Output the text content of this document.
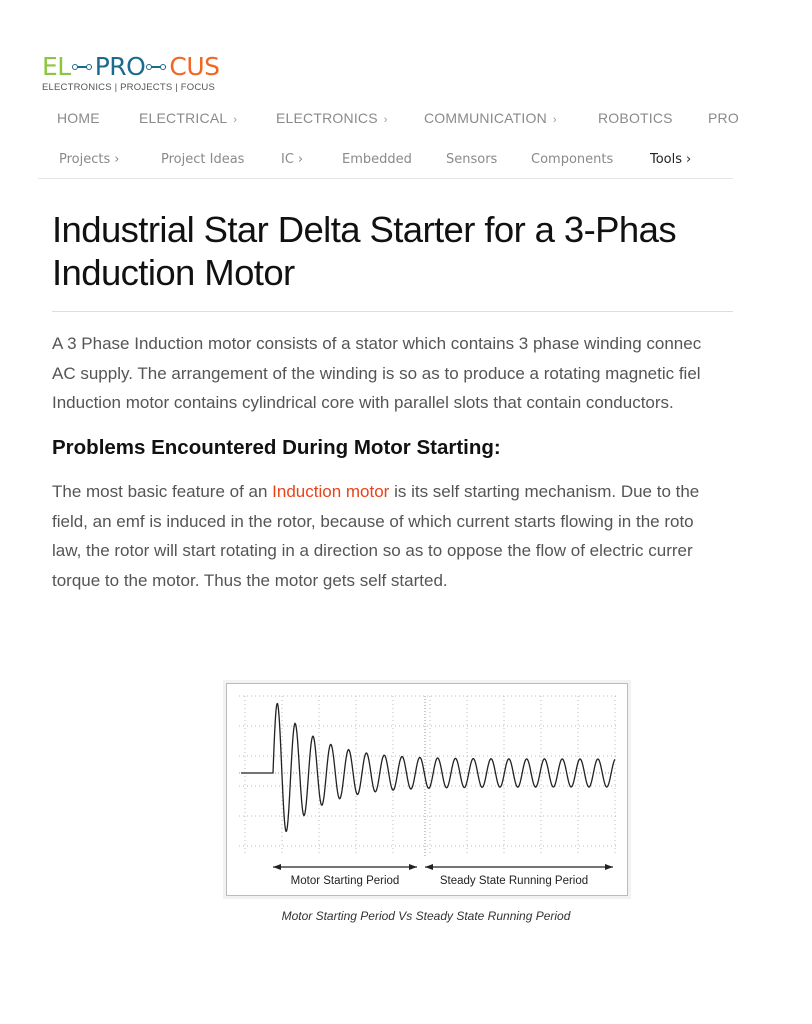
EL PRO CUS
ELECTRONICS | PROJECTS | FOCUS
HOME	ELECTRICAL ›	ELECTRONICS ›	COMMUNICATION ›	ROBOTICS	PRO
Projects ›	Project Ideas	IC ›	Embedded	Sensors	Components	Tools ›
Industrial Star Delta Starter for a 3-Phas
Induction Motor

A 3 Phase Induction motor consists of a stator which contains 3 phase winding connec
AC supply. The arrangement of the winding is so as to produce a rotating magnetic fiel
Induction motor contains cylindrical core with parallel slots that contain conductors.

Problems Encountered During Motor Starting:

The most basic feature of an Induction motor is its self starting mechanism. Due to the
field, an emf is induced in the rotor, because of which current starts flowing in the roto
law, the rotor will start rotating in a direction so as to oppose the flow of electric currer
torque to the motor. Thus the motor gets self started.

Motor Starting Period	Steady State Running Period
Motor Starting Period Vs Steady State Running Period
